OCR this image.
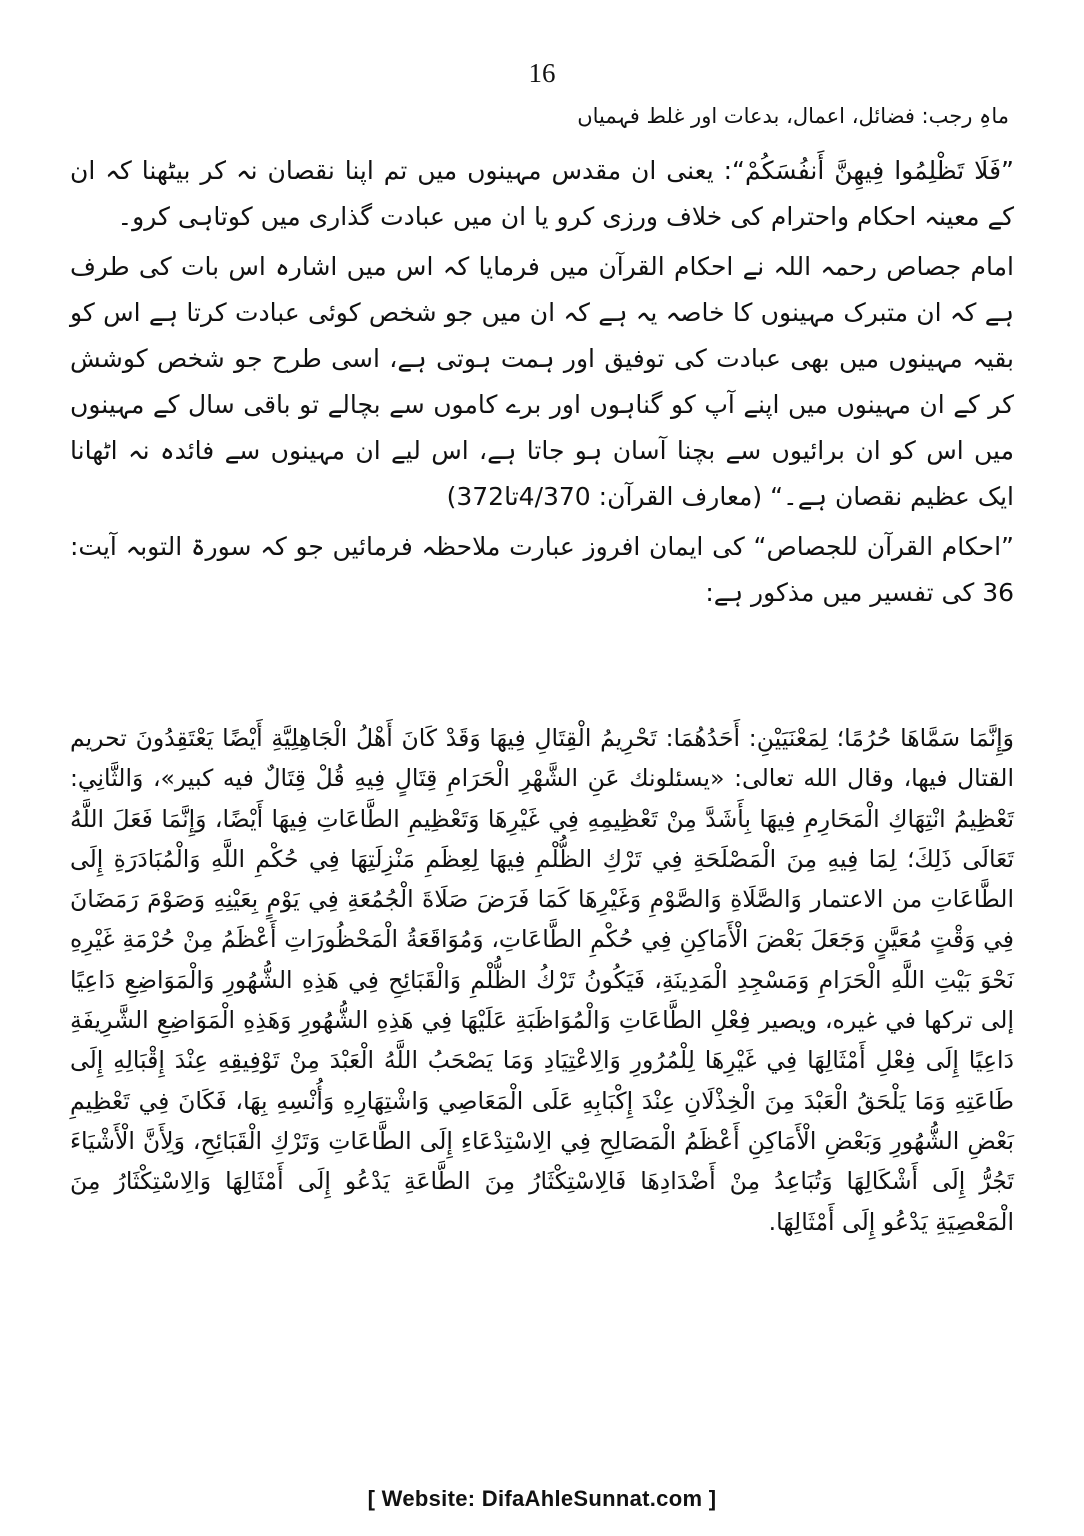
16
ماہِ رجب: فضائل، اعمال، بدعات اور غلط فہمیاں

”فَلَا تَظْلِمُوا فِيهِنَّ أَنفُسَكُمْ“: یعنی ان مقدس مہینوں میں تم اپنا نقصان نہ کر بیٹھنا کہ ان کے معینہ احکام واحترام کی خلاف ورزی کرو یا ان میں عبادت گذاری میں کوتاہی کرو۔

امام جصاص رحمہ اللہ نے احکام القرآن میں فرمایا کہ اس میں اشارہ اس بات کی طرف ہے کہ ان متبرک مہینوں کا خاصہ یہ ہے کہ ان میں جو شخص کوئی عبادت کرتا ہے اس کو بقیہ مہینوں میں بھی عبادت کی توفیق اور ہمت ہوتی ہے، اسی طرح جو شخص کوشش کر کے ان مہینوں میں اپنے آپ کو گناہوں اور برے کاموں سے بچالے تو باقی سال کے مہینوں میں اس کو ان برائیوں سے بچنا آسان ہو جاتا ہے، اس لیے ان مہینوں سے فائدہ نہ اٹھانا ایک عظیم نقصان ہے۔“ (معارف القرآن: 4/370تا372)

”احکام القرآن للجصاص“ کی ایمان افروز عبارت ملاحظہ فرمائیں جو کہ سورۃ التوبہ آیت: 36 کی تفسیر میں مذکور ہے:

وَإِنَّمَا سَمَّاهَا حُرُمًا؛ لِمَعْنَيَيْنِ: أَحَدُهُمَا: تَحْرِيمُ الْقِتَالِ فِيهَا وَقَدْ كَانَ أَهْلُ الْجَاهِلِيَّةِ أَيْضًا يَعْتَقِدُونَ تحريم القتال فيها، وقال الله تعالى: «يسئلونك عَنِ الشَّهْرِ الْحَرَامِ قِتَالٍ فِيهِ قُلْ قِتَالٌ فيه كبير»، وَالثَّانِي: تَعْظِيمُ انْتِهَاكِ الْمَحَارِمِ فِيهَا بِأَشَدَّ مِنْ تَعْظِيمِهِ فِي غَيْرِهَا وَتَعْظِيمِ الطَّاعَاتِ فِيهَا أَيْضًا، وَإِنَّمَا فَعَلَ اللَّهُ تَعَالَى ذَلِكَ؛ لِمَا فِيهِ مِنَ الْمَصْلَحَةِ فِي تَرْكِ الظُّلْمِ فِيهَا لِعِظَمِ مَنْزِلَتِهَا فِي حُكْمِ اللَّهِ وَالْمُبَادَرَةِ إِلَى الطَّاعَاتِ من الاعتمار وَالصَّلَاةِ وَالصَّوْمِ وَغَيْرِهَا كَمَا فَرَضَ صَلَاةَ الْجُمُعَةِ فِي يَوْمٍ بِعَيْنِهِ وَصَوْمَ رَمَضَانَ فِي وَقْتٍ مُعَيَّنٍ وَجَعَلَ بَعْضَ الْأَمَاكِنِ فِي حُكْمِ الطَّاعَاتِ، وَمُوَاقَعَةُ الْمَحْظُورَاتِ أَعْظَمُ مِنْ حُرْمَةِ غَيْرِهِ نَحْوَ بَيْتِ اللَّهِ الْحَرَامِ وَمَسْجِدِ الْمَدِينَةِ، فَيَكُونُ تَرْكُ الظُّلْمِ وَالْقَبَائِحِ فِي هَذِهِ الشُّهُورِ وَالْمَوَاضِعِ دَاعِيًا إلى تركها في غيره، ويصير فِعْلِ الطَّاعَاتِ وَالْمُوَاظَبَةِ عَلَيْهَا فِي هَذِهِ الشُّهُورِ وَهَذِهِ الْمَوَاضِعِ الشَّرِيفَةِ دَاعِيًا إِلَى فِعْلِ أَمْثَالِهَا فِي غَيْرِهَا لِلْمُرُورِ وَالِاعْتِيَادِ وَمَا يَصْحَبُ اللَّهُ الْعَبْدَ مِنْ تَوْفِيقِهِ عِنْدَ إِقْبَالِهِ إِلَى طَاعَتِهِ وَمَا يَلْحَقُ الْعَبْدَ مِنَ الْخِذْلَانِ عِنْدَ إِكْبَابِهِ عَلَى الْمَعَاصِي وَاشْتِهَارِهِ وَأُنْسِهِ بِهَا، فَكَانَ فِي تَعْظِيمِ بَعْضِ الشُّهُورِ وَبَعْضِ الْأَمَاكِنِ أَعْظَمُ الْمَصَالِحِ فِي الِاسْتِدْعَاءِ إِلَى الطَّاعَاتِ وَتَرْكِ الْقَبَائِحِ، وَلِأَنَّ الْأَشْيَاءَ تَجُرُّ إِلَى أَشْكَالِهَا وَتُبَاعِدُ مِنْ أَضْدَادِهَا فَالِاسْتِكْثَارُ مِنَ الطَّاعَةِ يَدْعُو إِلَى أَمْثَالِهَا وَالِاسْتِكْثَارُ مِنَ الْمَعْصِيَةِ يَدْعُو إِلَى أَمْثَالِهَا.
[ Website: DifaAhleSunnat.com ]
